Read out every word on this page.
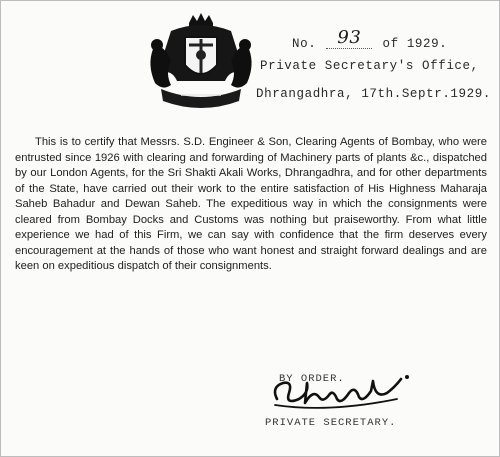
No. 93 of 1929.
Private Secretary's Office,
Dhrangadhra, 17th.Septr.1929.

This is to certify that Messrs. S.D. Engineer & Son, Clearing Agents of Bombay, who were entrusted since 1926 with clearing and forwarding of Machinery parts of plants &c., dispatched by our London Agents, for the Sri Shakti Akali Works, Dhrangadhra, and for other departments of the State, have carried out their work to the entire satisfaction of His Highness Maharaja Saheb Bahadur and Dewan Saheb. The expeditious way in which the consignments were cleared from Bombay Docks and Customs was nothing but praiseworthy. From what little experience we had of this Firm, we can say with confidence that the firm deserves every encouragement at the hands of those who want honest and straight forward dealings and are keen on expeditious dispatch of their consignments.

BY ORDER.
PRIVATE SECRETARY.
